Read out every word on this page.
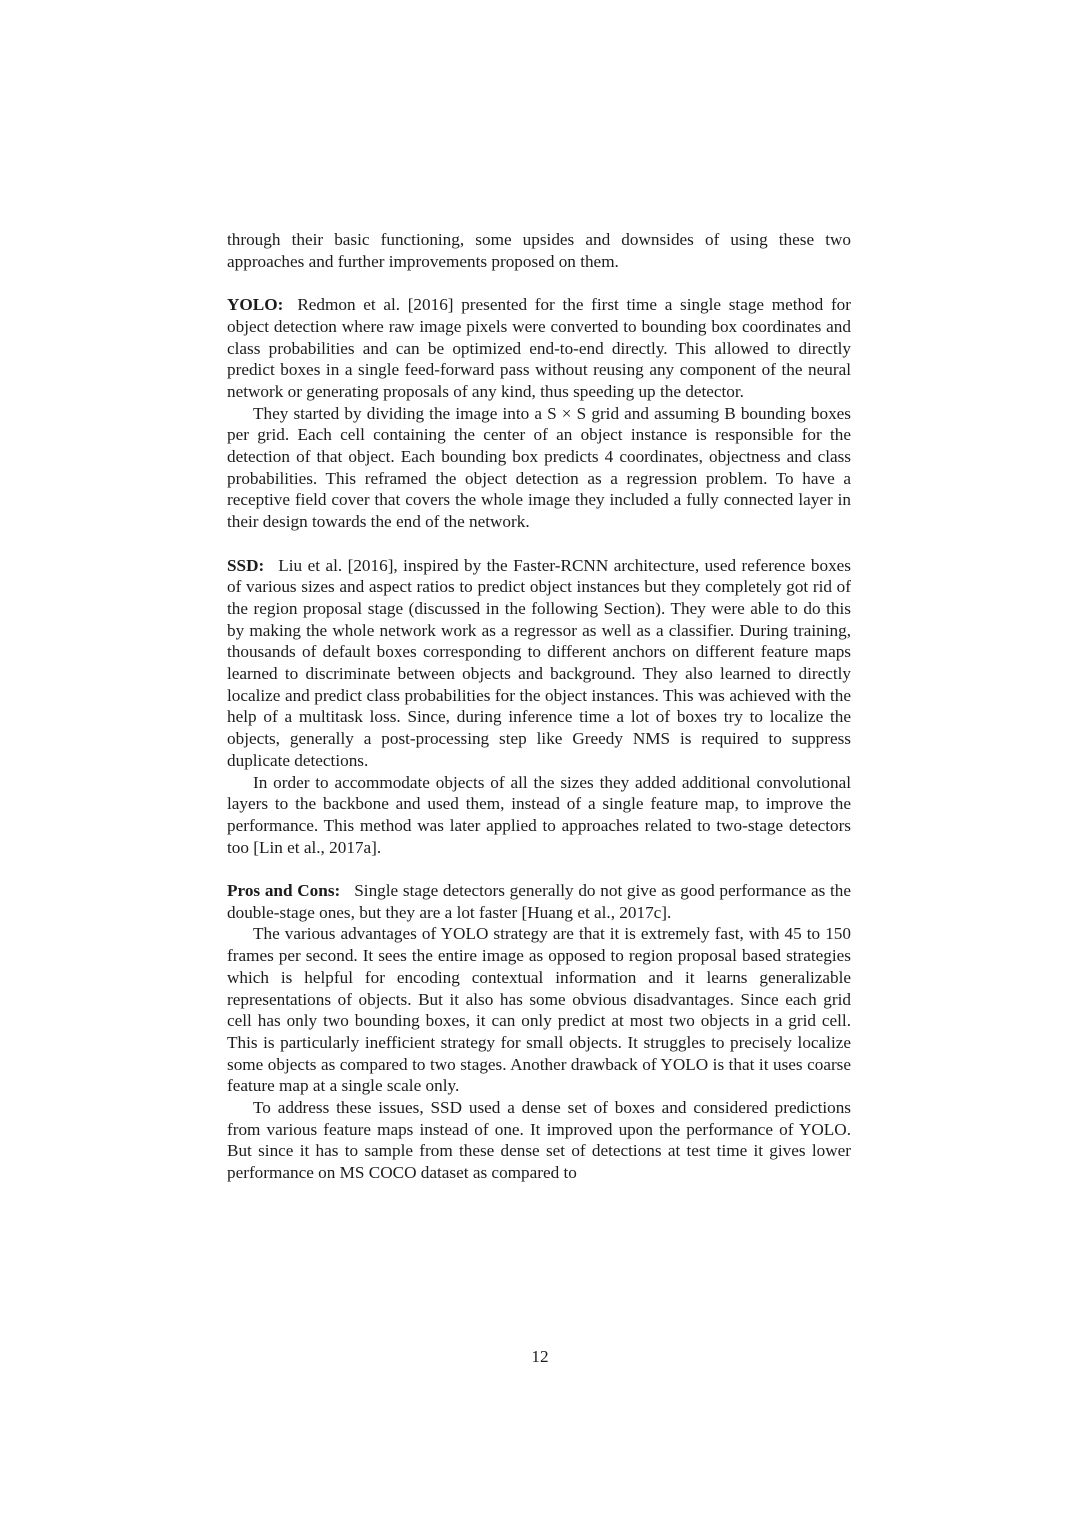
through their basic functioning, some upsides and downsides of using these two approaches and further improvements proposed on them.

YOLO: Redmon et al. [2016] presented for the first time a single stage method for object detection where raw image pixels were converted to bounding box coordinates and class probabilities and can be optimized end-to-end directly. This allowed to directly predict boxes in a single feed-forward pass without reusing any component of the neural network or generating proposals of any kind, thus speeding up the detector.

They started by dividing the image into a S × S grid and assuming B bounding boxes per grid. Each cell containing the center of an object instance is responsible for the detection of that object. Each bounding box predicts 4 coordinates, objectness and class probabilities. This reframed the object detection as a regression problem. To have a receptive field cover that covers the whole image they included a fully connected layer in their design towards the end of the network.

SSD: Liu et al. [2016], inspired by the Faster-RCNN architecture, used reference boxes of various sizes and aspect ratios to predict object instances but they completely got rid of the region proposal stage (discussed in the following Section). They were able to do this by making the whole network work as a regressor as well as a classifier. During training, thousands of default boxes corresponding to different anchors on different feature maps learned to discriminate between objects and background. They also learned to directly localize and predict class probabilities for the object instances. This was achieved with the help of a multitask loss. Since, during inference time a lot of boxes try to localize the objects, generally a post-processing step like Greedy NMS is required to suppress duplicate detections.

In order to accommodate objects of all the sizes they added additional convolutional layers to the backbone and used them, instead of a single feature map, to improve the performance. This method was later applied to approaches related to two-stage detectors too [Lin et al., 2017a].

Pros and Cons: Single stage detectors generally do not give as good performance as the double-stage ones, but they are a lot faster [Huang et al., 2017c].

The various advantages of YOLO strategy are that it is extremely fast, with 45 to 150 frames per second. It sees the entire image as opposed to region proposal based strategies which is helpful for encoding contextual information and it learns generalizable representations of objects. But it also has some obvious disadvantages. Since each grid cell has only two bounding boxes, it can only predict at most two objects in a grid cell. This is particularly inefficient strategy for small objects. It struggles to precisely localize some objects as compared to two stages. Another drawback of YOLO is that it uses coarse feature map at a single scale only.

To address these issues, SSD used a dense set of boxes and considered predictions from various feature maps instead of one. It improved upon the performance of YOLO. But since it has to sample from these dense set of detections at test time it gives lower performance on MS COCO dataset as compared to

12
